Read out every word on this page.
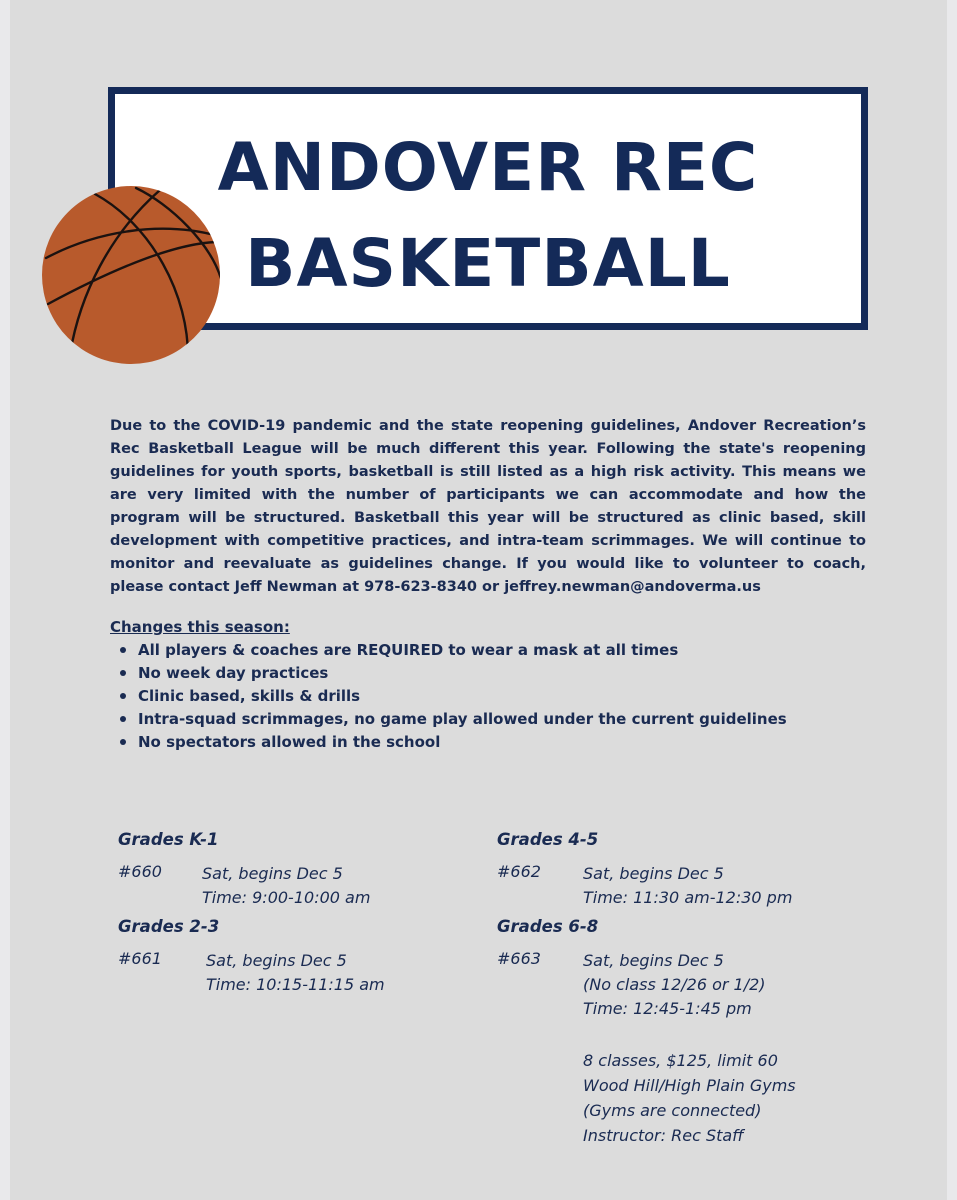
ANDOVER REC
BASKETBALL
Due to the COVID-19 pandemic and the state reopening guidelines, Andover Recreation’s Rec Basketball League will be much different this year. Following the state's reopening guidelines for youth sports, basketball is still listed as a high risk activity. This means we are very limited with the number of participants we can accommodate and how the program will be structured. Basketball this year will be structured as clinic based, skill development with competitive practices, and intra-team scrimmages. We will continue to monitor and reevaluate as guidelines change. If you would like to volunteer to coach, please contact Jeff Newman at 978-623-8340 or jeffrey.newman@andoverma.us
Changes this season:
All players & coaches are REQUIRED to wear a mask at all times
No week day practices
Clinic based, skills & drills
Intra-squad scrimmages, no game play allowed under the current guidelines
No spectators allowed in the school
Grades K-1
#660	Sat, begins Dec 5
Time: 9:00-10:00 am
Grades 2-3
#661	Sat, begins Dec 5
Time: 10:15-11:15 am
Grades 4-5
#662	Sat, begins Dec 5
Time: 11:30 am-12:30 pm
Grades 6-8
#663	Sat, begins Dec 5
(No class 12/26 or 1/2)
Time: 12:45-1:45 pm
8 classes, $125, limit 60
Wood Hill/High Plain Gyms
(Gyms are connected)
Instructor: Rec Staff
